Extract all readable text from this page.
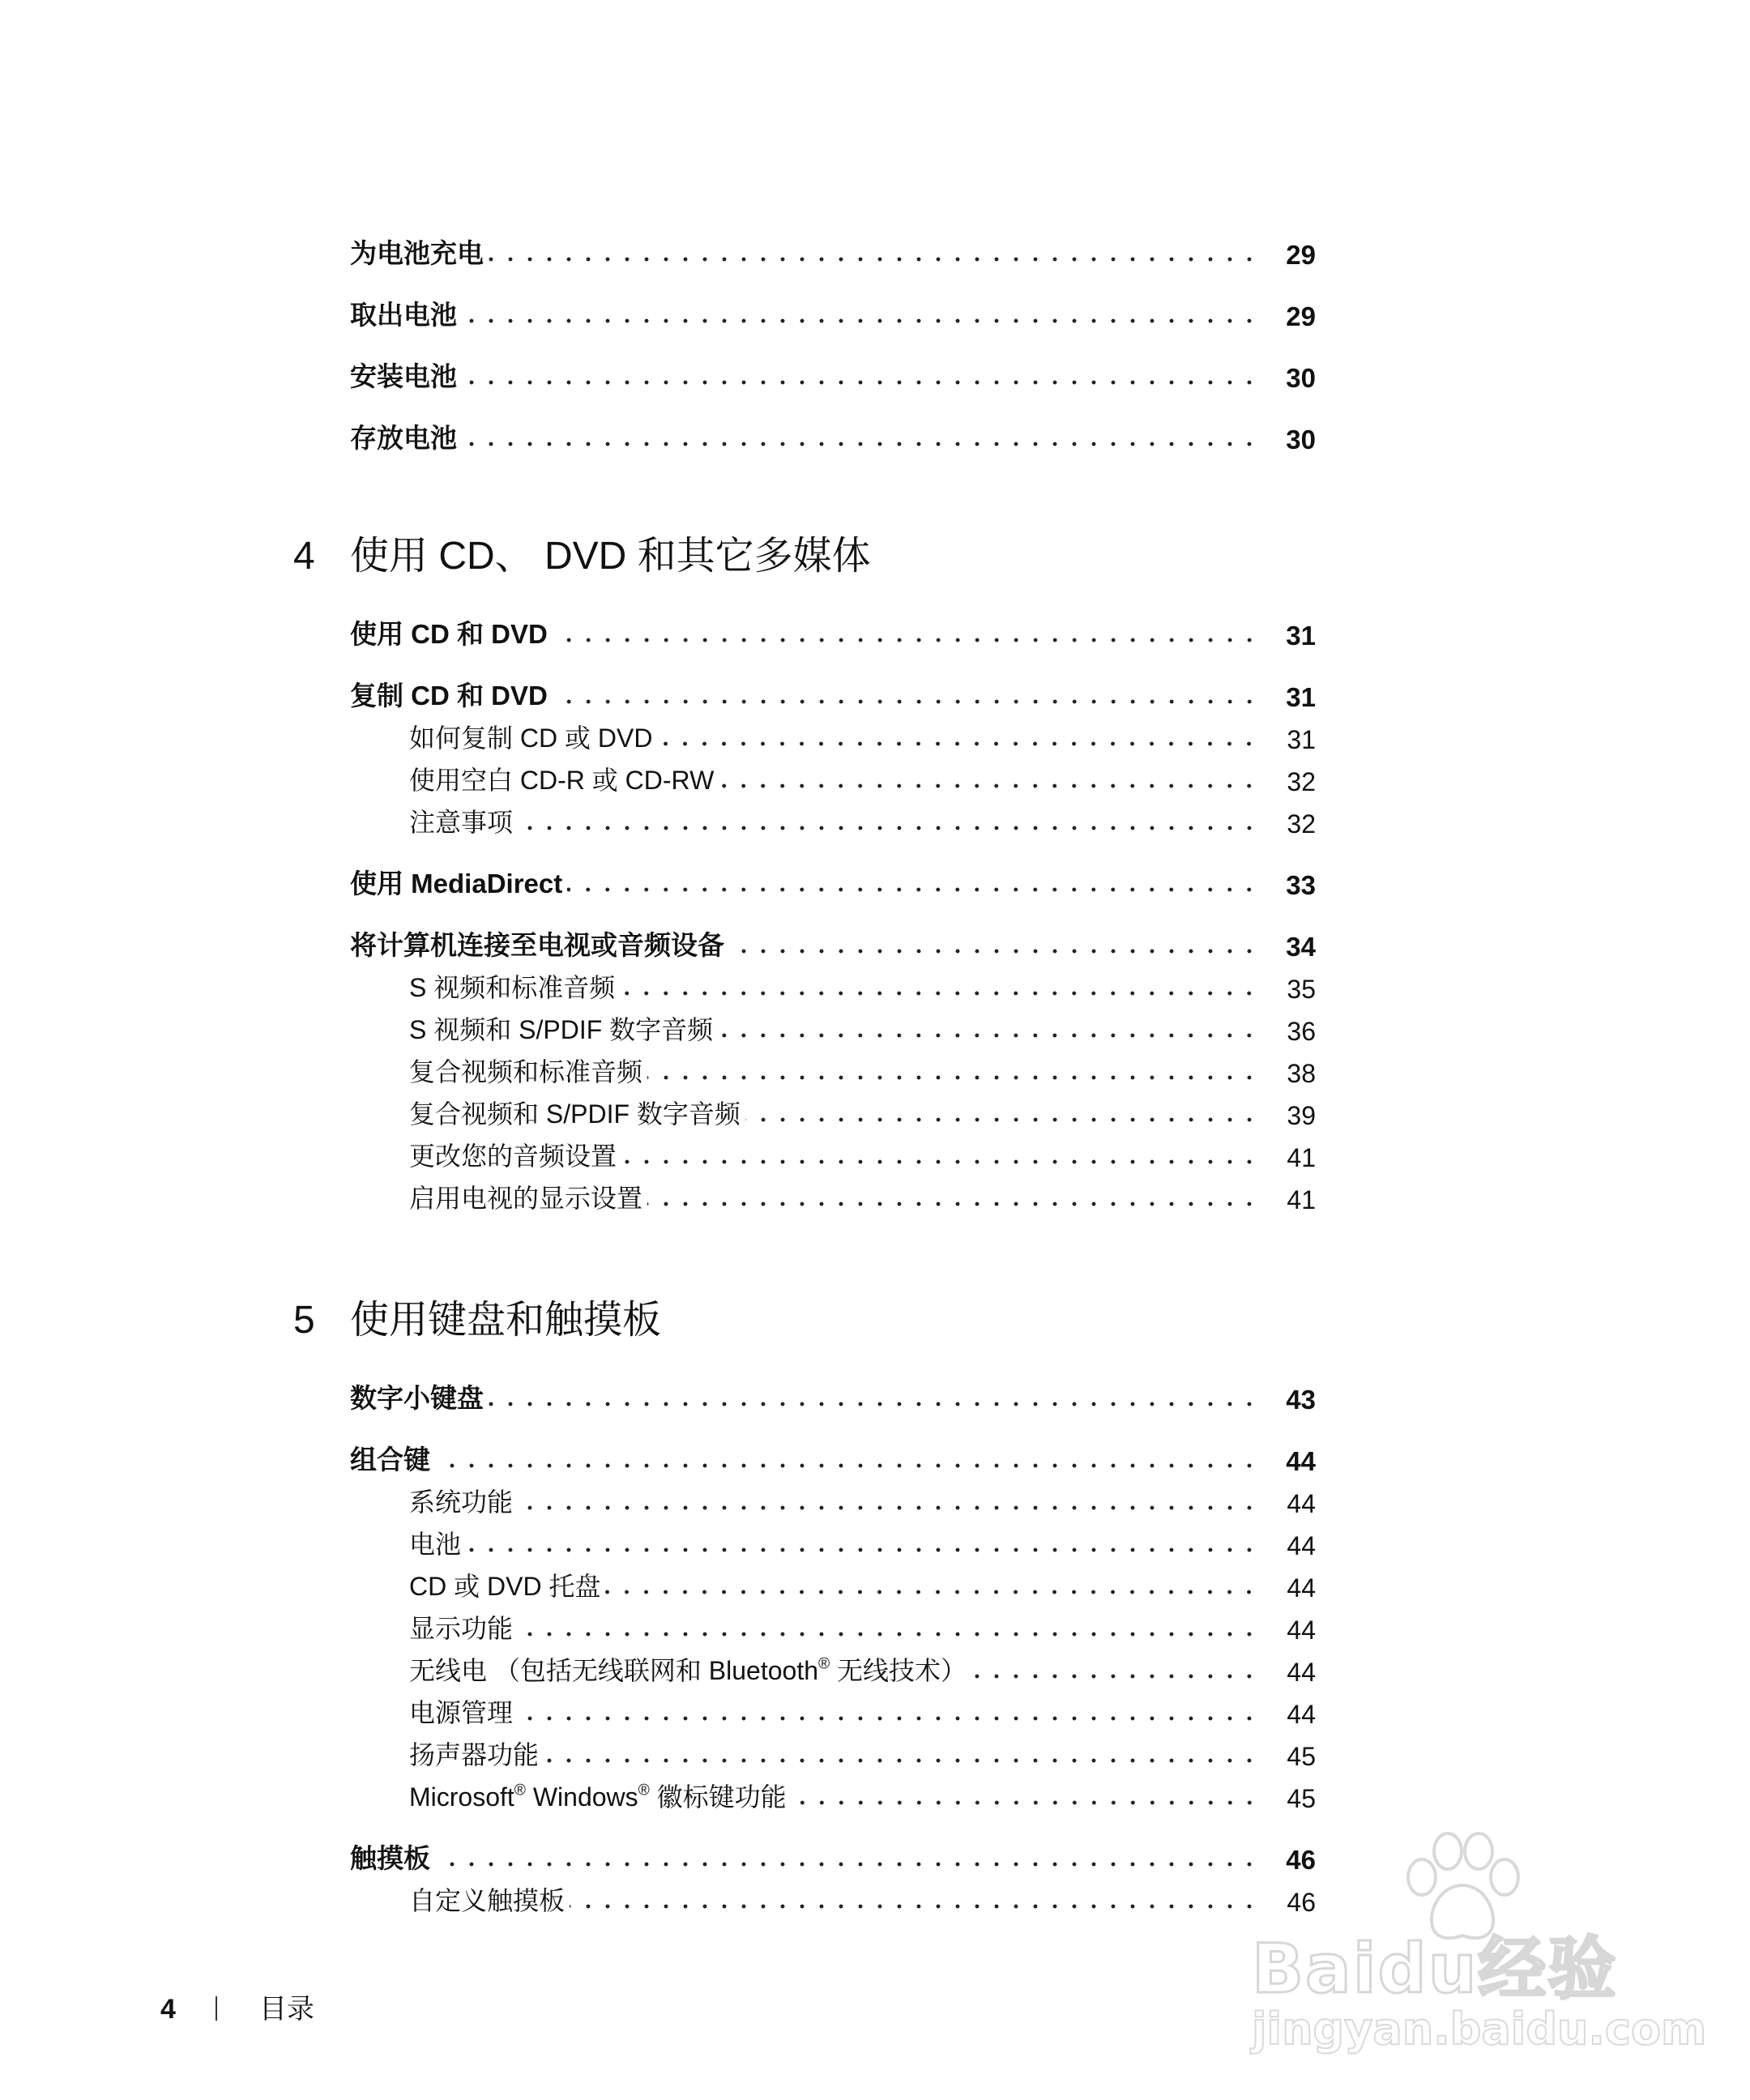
为电池充电	29
取出电池	29
安装电池	30
存放电池	30
4 使用 CD、 DVD 和其它多媒体
使用 CD 和 DVD	31
复制 CD 和 DVD	31
如何复制 CD 或 DVD	31
使用空白 CD-R 或 CD-RW	32
注意事项	32
使用 MediaDirect	33
将计算机连接至电视或音频设备	34
S 视频和标准音频	35
S 视频和 S/PDIF 数字音频	36
复合视频和标准音频	38
复合视频和 S/PDIF 数字音频	39
更改您的音频设置	41
启用电视的显示设置	41
5 使用键盘和触摸板
数字小键盘	43
组合键	44
系统功能	44
电池	44
CD 或 DVD 托盘	44
显示功能	44
无线电 （包括无线联网和 Bluetooth® 无线技术）	44
电源管理	44
扬声器功能	45
Microsoft® Windows® 徽标键功能	45
触摸板	46
自定义触摸板	46
4	目录
Baidu经验
jingyan.baidu.com
